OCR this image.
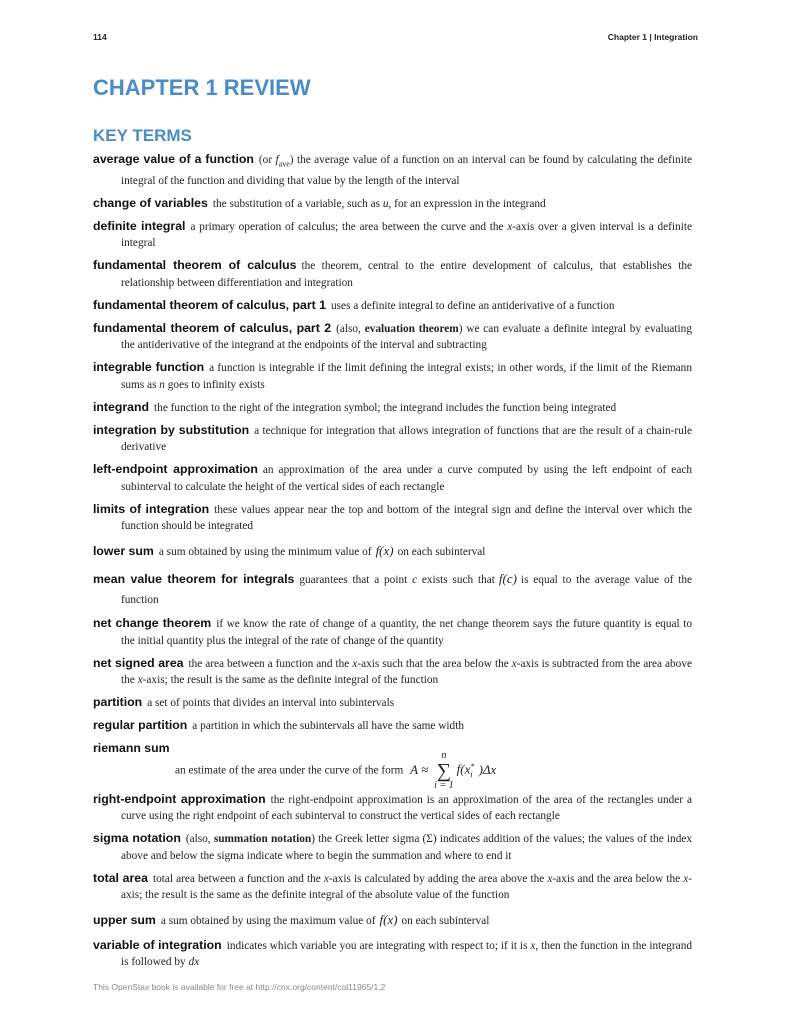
114	Chapter 1 | Integration
CHAPTER 1 REVIEW
KEY TERMS
average value of a function (or $f_{ave}$) the average value of a function on an interval can be found by calculating the definite integral of the function and dividing that value by the length of the interval
change of variables the substitution of a variable, such as u, for an expression in the integrand
definite integral a primary operation of calculus; the area between the curve and the x-axis over a given interval is a definite integral
fundamental theorem of calculus the theorem, central to the entire development of calculus, that establishes the relationship between differentiation and integration
fundamental theorem of calculus, part 1 uses a definite integral to define an antiderivative of a function
fundamental theorem of calculus, part 2 (also, evaluation theorem) we can evaluate a definite integral by evaluating the antiderivative of the integrand at the endpoints of the interval and subtracting
integrable function a function is integrable if the limit defining the integral exists; in other words, if the limit of the Riemann sums as n goes to infinity exists
integrand the function to the right of the integration symbol; the integrand includes the function being integrated
integration by substitution a technique for integration that allows integration of functions that are the result of a chain-rule derivative
left-endpoint approximation an approximation of the area under a curve computed by using the left endpoint of each subinterval to calculate the height of the vertical sides of each rectangle
limits of integration these values appear near the top and bottom of the integral sign and define the interval over which the function should be integrated
lower sum a sum obtained by using the minimum value of f(x) on each subinterval
mean value theorem for integrals guarantees that a point c exists such that f(c) is equal to the average value of the function
net change theorem if we know the rate of change of a quantity, the net change theorem says the future quantity is equal to the initial quantity plus the integral of the rate of change of the quantity
net signed area the area between a function and the x-axis such that the area below the x-axis is subtracted from the area above the x-axis; the result is the same as the definite integral of the function
partition a set of points that divides an interval into subintervals
regular partition a partition in which the subintervals all have the same width
riemann sum
an estimate of the area under the curve of the form A ≈
n
∑
i = 1
$f(x^*_i$ )Δx
right-endpoint approximation the right-endpoint approximation is an approximation of the area of the rectangles under a curve using the right endpoint of each subinterval to construct the vertical sides of each rectangle
sigma notation (also, summation notation) the Greek letter sigma (Σ) indicates addition of the values; the values of the index above and below the sigma indicate where to begin the summation and where to end it
total area total area between a function and the x-axis is calculated by adding the area above the x-axis and the area below the x-axis; the result is the same as the definite integral of the absolute value of the function
upper sum a sum obtained by using the maximum value of f(x) on each subinterval
variable of integration indicates which variable you are integrating with respect to; if it is x, then the function in the integrand is followed by dx
This OpenStax book is available for free at http://cnx.org/content/col11965/1.2
